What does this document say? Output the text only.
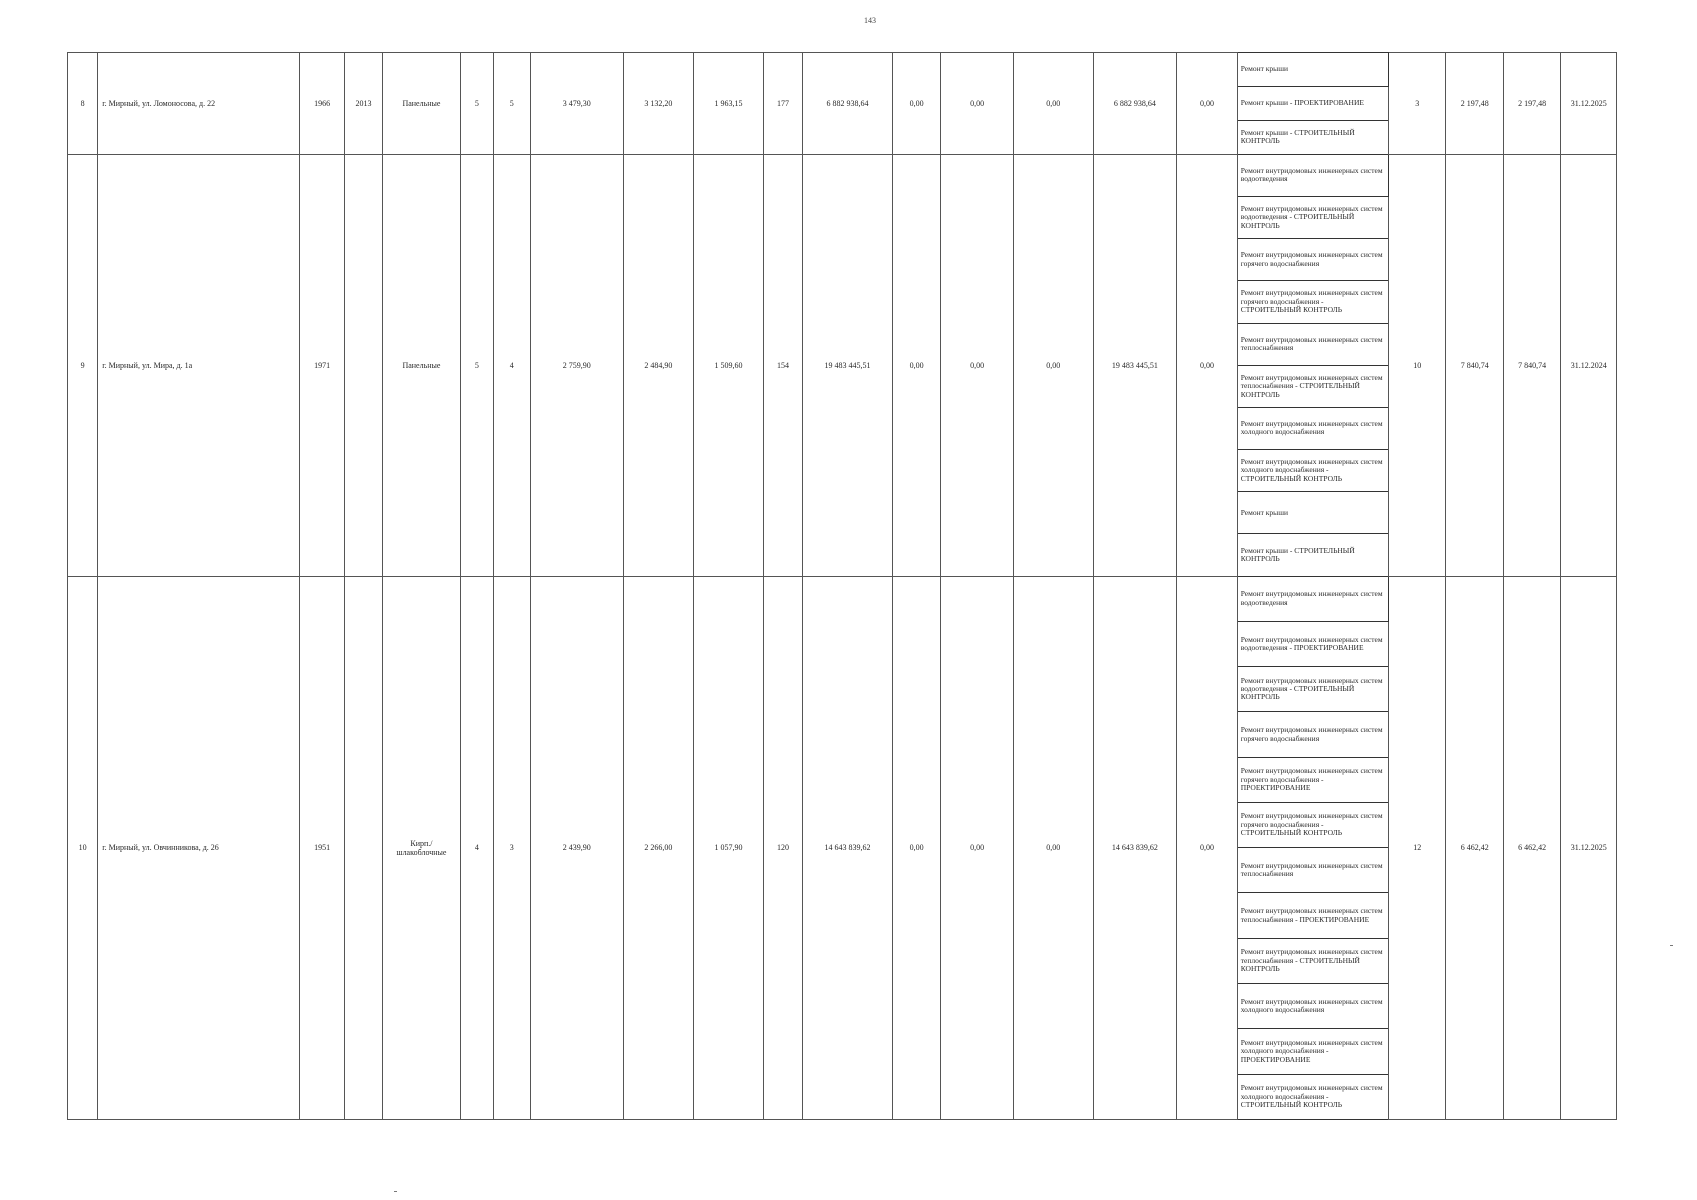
143
8	г. Мирный, ул. Ломоносова, д. 22	1966	2013	Панельные	5	5	3 479,30	3 132,20	1 963,15	177	6 882 938,64	0,00	0,00	0,00	6 882 938,64	0,00	Ремонт крыши	3	2 197,48	2 197,48	31.12.2025
																	Ремонт крыши - ПРОЕКТИРОВАНИЕ				
																	Ремонт крыши - СТРОИТЕЛЬНЫЙ КОНТРОЛЬ				
9	г. Мирный, ул. Мира, д. 1а	1971		Панельные	5	4	2 759,90	2 484,90	1 509,60	154	19 483 445,51	0,00	0,00	0,00	19 483 445,51	0,00	Ремонт внутридомовых инженерных систем водоотведения	10	7 840,74	7 840,74	31.12.2024
																	Ремонт внутридомовых инженерных систем водоотведения - СТРОИТЕЛЬНЫЙ КОНТРОЛЬ				
																	Ремонт внутридомовых инженерных систем горячего водоснабжения				
																	Ремонт внутридомовых инженерных систем горячего водоснабжения - СТРОИТЕЛЬНЫЙ КОНТРОЛЬ				
																	Ремонт внутридомовых инженерных систем теплоснабжения				
																	Ремонт внутридомовых инженерных систем теплоснабжения - СТРОИТЕЛЬНЫЙ КОНТРОЛЬ				
																	Ремонт внутридомовых инженерных систем холодного водоснабжения				
																	Ремонт внутридомовых инженерных систем холодного водоснабжения - СТРОИТЕЛЬНЫЙ КОНТРОЛЬ				
																	Ремонт крыши				
																	Ремонт крыши - СТРОИТЕЛЬНЫЙ КОНТРОЛЬ				
10	г. Мирный, ул. Овчинникова, д. 26	1951		Кирп./ шлакоблочные	4	3	2 439,90	2 266,00	1 057,90	120	14 643 839,62	0,00	0,00	0,00	14 643 839,62	0,00	Ремонт внутридомовых инженерных систем водоотведения	12	6 462,42	6 462,42	31.12.2025
																	Ремонт внутридомовых инженерных систем водоотведения - ПРОЕКТИРОВАНИЕ				
																	Ремонт внутридомовых инженерных систем водоотведения - СТРОИТЕЛЬНЫЙ КОНТРОЛЬ				
																	Ремонт внутридомовых инженерных систем горячего водоснабжения				
																	Ремонт внутридомовых инженерных систем горячего водоснабжения - ПРОЕКТИРОВАНИЕ				
																	Ремонт внутридомовых инженерных систем горячего водоснабжения - СТРОИТЕЛЬНЫЙ КОНТРОЛЬ				
																	Ремонт внутридомовых инженерных систем теплоснабжения				
																	Ремонт внутридомовых инженерных систем теплоснабжения - ПРОЕКТИРОВАНИЕ				
																	Ремонт внутридомовых инженерных систем теплоснабжения - СТРОИТЕЛЬНЫЙ КОНТРОЛЬ				
																	Ремонт внутридомовых инженерных систем холодного водоснабжения				
																	Ремонт внутридомовых инженерных систем холодного водоснабжения - ПРОЕКТИРОВАНИЕ				
																	Ремонт внутридомовых инженерных систем холодного водоснабжения - СТРОИТЕЛЬНЫЙ КОНТРОЛЬ				
